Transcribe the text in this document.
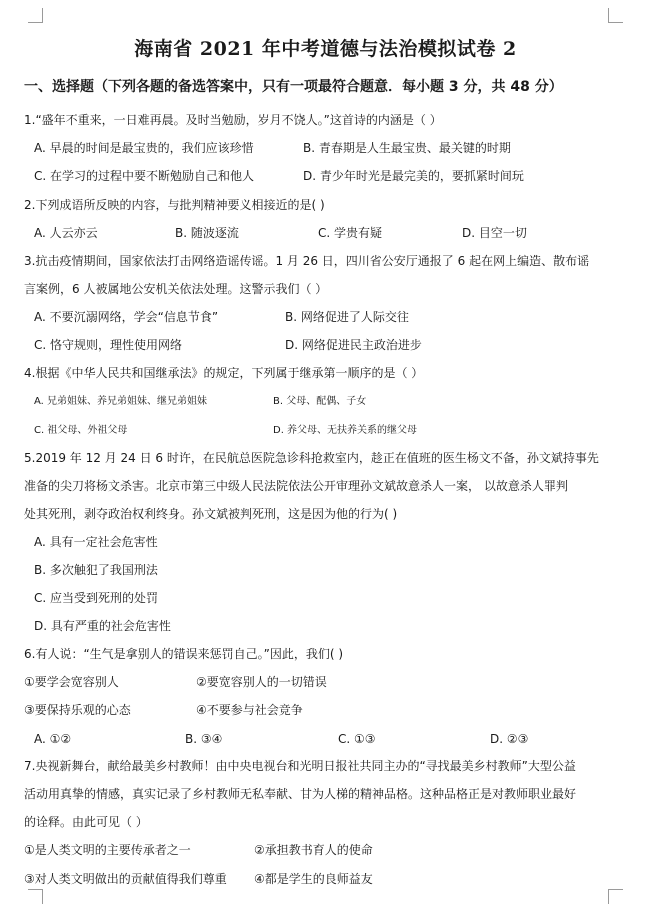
海南省 2021 年中考道德与法治模拟试卷 2
一、选择题（下列各题的备选答案中，只有一项最符合题意．每小题 3 分，共 48 分）
1.“盛年不重来，一日难再晨。及时当勉励，岁月不饶人。”这首诗的内涵是（ ）
A. 早晨的时间是最宝贵的，我们应该珍惜	B. 青春期是人生最宝贵、最关键的时期
C. 在学习的过程中要不断勉励自己和他人	D. 青少年时光是最完美的，要抓紧时间玩
2.下列成语所反映的内容，与批判精神要义相接近的是( )
A. 人云亦云	B. 随波逐流	C. 学贵有疑	D. 目空一切
3.抗击疫情期间，国家依法打击网络造谣传谣。1 月 26 日，四川省公安厅通报了 6 起在网上编造、散布谣
言案例，6 人被属地公安机关依法处理。这警示我们（ ）
A. 不要沉溺网络，学会“信息节食”	B. 网络促进了人际交往
C. 恪守规则，理性使用网络	D. 网络促进民主政治进步
4.根据《中华人民共和国继承法》的规定，下列属于继承第一顺序的是（ ）
A. 兄弟姐妹、养兄弟姐妹、继兄弟姐妹	B. 父母、配偶、子女
C. 祖父母、外祖父母	D. 养父母、无扶养关系的继父母
5.2019 年 12 月 24 日 6 时许，在民航总医院急诊科抢救室内，趁正在值班的医生杨文不备，孙文斌持事先
准备的尖刀将杨文杀害。北京市第三中级人民法院依法公开审理孙文斌故意杀人一案， 以故意杀人罪判
处其死刑，剥夺政治权利终身。孙文斌被判死刑，这是因为他的行为( )
A. 具有一定社会危害性
B. 多次触犯了我国刑法
C. 应当受到死刑的处罚
D. 具有严重的社会危害性
6.有人说：“生气是拿别人的错误来惩罚自己。”因此，我们( )
①要学会宽容别人	②要宽容别人的一切错误
③要保持乐观的心态	④不要参与社会竞争
A. ①②	B. ③④	C. ①③	D. ②③
7.央视新舞台，献给最美乡村教师！由中央电视台和光明日报社共同主办的“寻找最美乡村教师”大型公益
活动用真挚的情感，真实记录了乡村教师无私奉献、甘为人梯的精神品格。这种品格正是对教师职业最好
的诠释。由此可见（ ）
①是人类文明的主要传承者之一	②承担教书育人的使命
③对人类文明做出的贡献值得我们尊重 ④都是学生的良师益友
